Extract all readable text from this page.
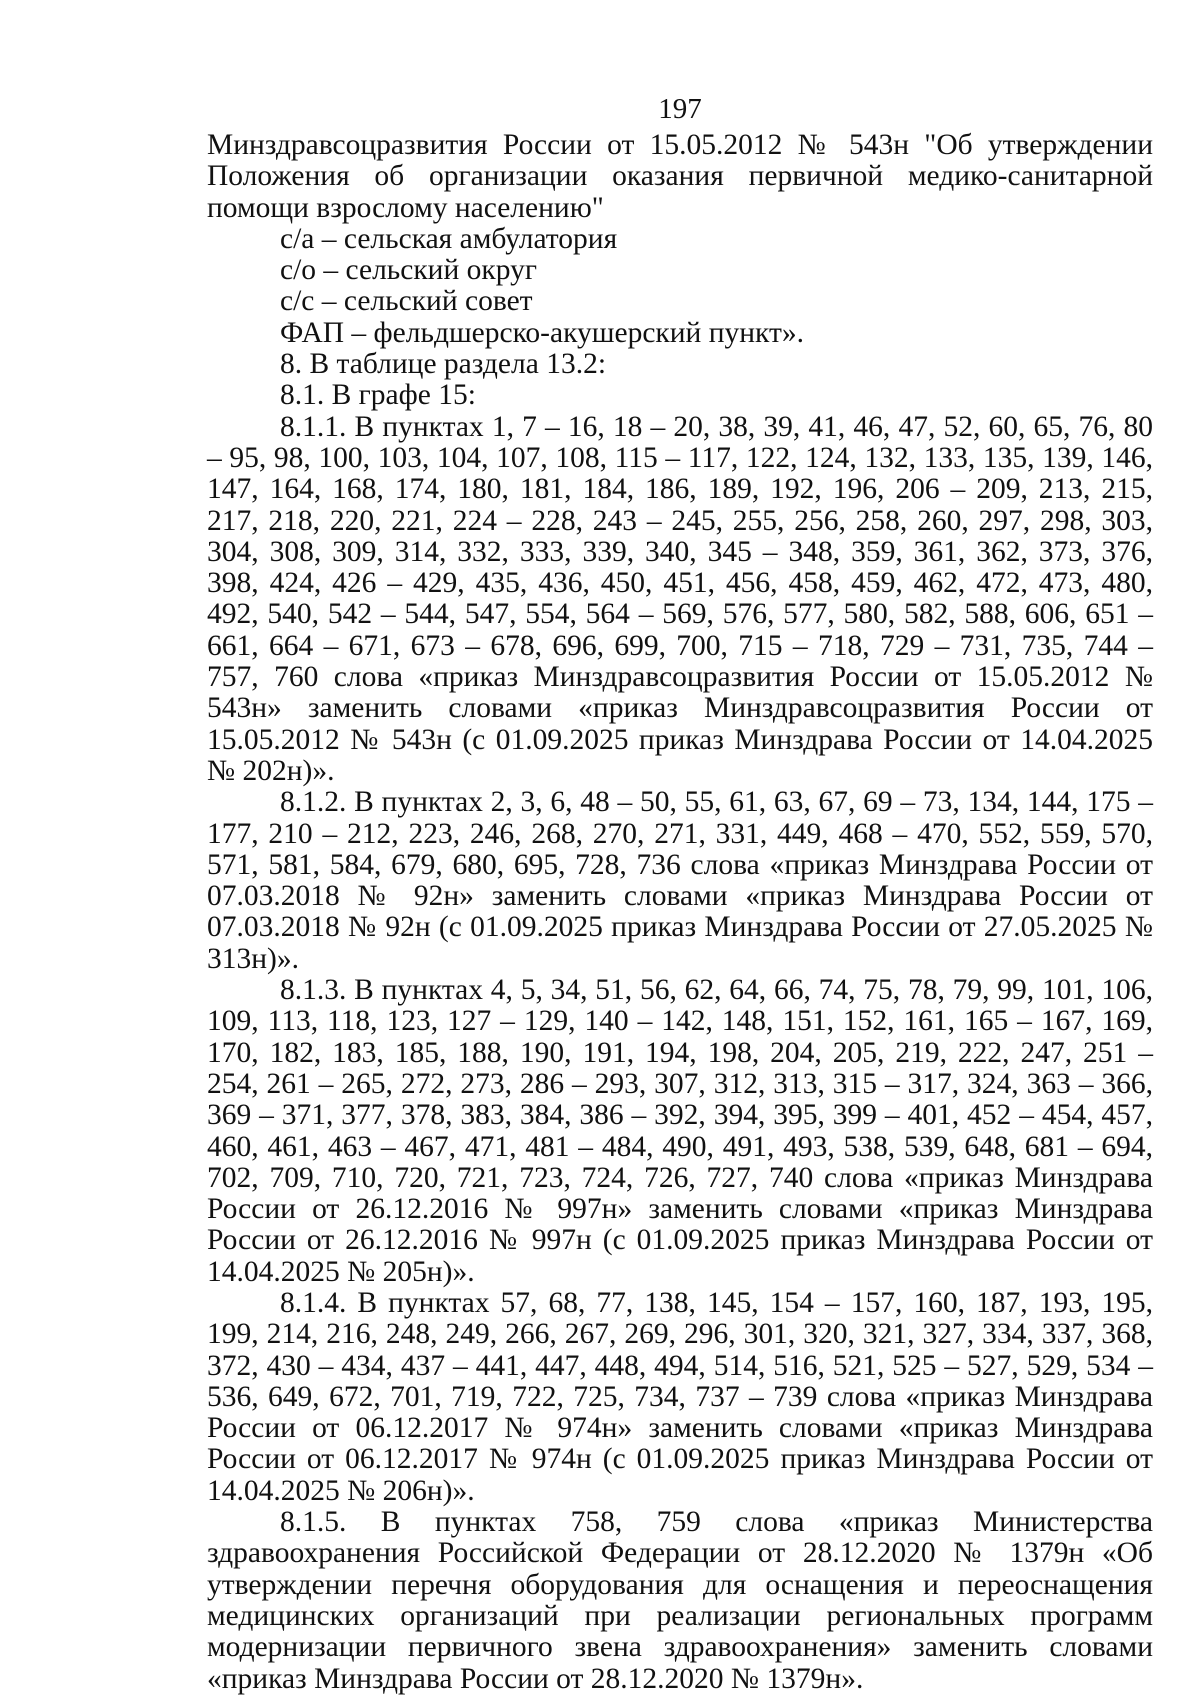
197

Минздравсоцразвития России от 15.05.2012 № 543н "Об утверждении Положения об организации оказания первичной медико-санитарной помощи взрослому населению"

с/а – сельская амбулатория

с/о – сельский округ

с/с – сельский совет

ФАП – фельдшерско-акушерский пункт».

8. В таблице раздела 13.2:

8.1. В графе 15:

8.1.1. В пунктах 1, 7 – 16, 18 – 20, 38, 39, 41, 46, 47, 52, 60, 65, 76, 80 – 95, 98, 100, 103, 104, 107, 108, 115 – 117, 122, 124, 132, 133, 135, 139, 146, 147, 164, 168, 174, 180, 181, 184, 186, 189, 192, 196, 206 – 209, 213, 215, 217, 218, 220, 221, 224 – 228, 243 – 245, 255, 256, 258, 260, 297, 298, 303, 304, 308, 309, 314, 332, 333, 339, 340, 345 – 348, 359, 361, 362, 373, 376, 398, 424, 426 – 429, 435, 436, 450, 451, 456, 458, 459, 462, 472, 473, 480, 492, 540, 542 – 544, 547, 554, 564 – 569, 576, 577, 580, 582, 588, 606, 651 – 661, 664 – 671, 673 – 678, 696, 699, 700, 715 – 718, 729 – 731, 735, 744 – 757, 760 слова «приказ Минздравсоцразвития России от 15.05.2012 № 543н» заменить словами «приказ Минздравсоцразвития России от 15.05.2012 № 543н (с 01.09.2025 приказ Минздрава России от 14.04.2025 № 202н)».

8.1.2. В пунктах 2, 3, 6, 48 – 50, 55, 61, 63, 67, 69 – 73, 134, 144, 175 – 177, 210 – 212, 223, 246, 268, 270, 271, 331, 449, 468 – 470, 552, 559, 570, 571, 581, 584, 679, 680, 695, 728, 736 слова «приказ Минздрава России от 07.03.2018 № 92н» заменить словами «приказ Минздрава России от 07.03.2018 № 92н (с 01.09.2025 приказ Минздрава России от 27.05.2025 № 313н)».

8.1.3. В пунктах 4, 5, 34, 51, 56, 62, 64, 66, 74, 75, 78, 79, 99, 101, 106, 109, 113, 118, 123, 127 – 129, 140 – 142, 148, 151, 152, 161, 165 – 167, 169, 170, 182, 183, 185, 188, 190, 191, 194, 198, 204, 205, 219, 222, 247, 251 – 254, 261 – 265, 272, 273, 286 – 293, 307, 312, 313, 315 – 317, 324, 363 – 366, 369 – 371, 377, 378, 383, 384, 386 – 392, 394, 395, 399 – 401, 452 – 454, 457, 460, 461, 463 – 467, 471, 481 – 484, 490, 491, 493, 538, 539, 648, 681 – 694, 702, 709, 710, 720, 721, 723, 724, 726, 727, 740 слова «приказ Минздрава России от 26.12.2016 № 997н» заменить словами «приказ Минздрава России от 26.12.2016 № 997н (с 01.09.2025 приказ Минздрава России от 14.04.2025 № 205н)».

8.1.4. В пунктах 57, 68, 77, 138, 145, 154 – 157, 160, 187, 193, 195, 199, 214, 216, 248, 249, 266, 267, 269, 296, 301, 320, 321, 327, 334, 337, 368, 372, 430 – 434, 437 – 441, 447, 448, 494, 514, 516, 521, 525 – 527, 529, 534 – 536, 649, 672, 701, 719, 722, 725, 734, 737 – 739 слова «приказ Минздрава России от 06.12.2017 № 974н» заменить словами «приказ Минздрава России от 06.12.2017 № 974н (с 01.09.2025 приказ Минздрава России от 14.04.2025 № 206н)».

8.1.5. В пунктах 758, 759 слова «приказ Министерства здравоохранения Российской Федерации от 28.12.2020 № 1379н «Об утверждении перечня оборудования для оснащения и переоснащения медицинских организаций при реализации региональных программ модернизации первичного звена здравоохранения» заменить словами «приказ Минздрава России от 28.12.2020 № 1379н».
